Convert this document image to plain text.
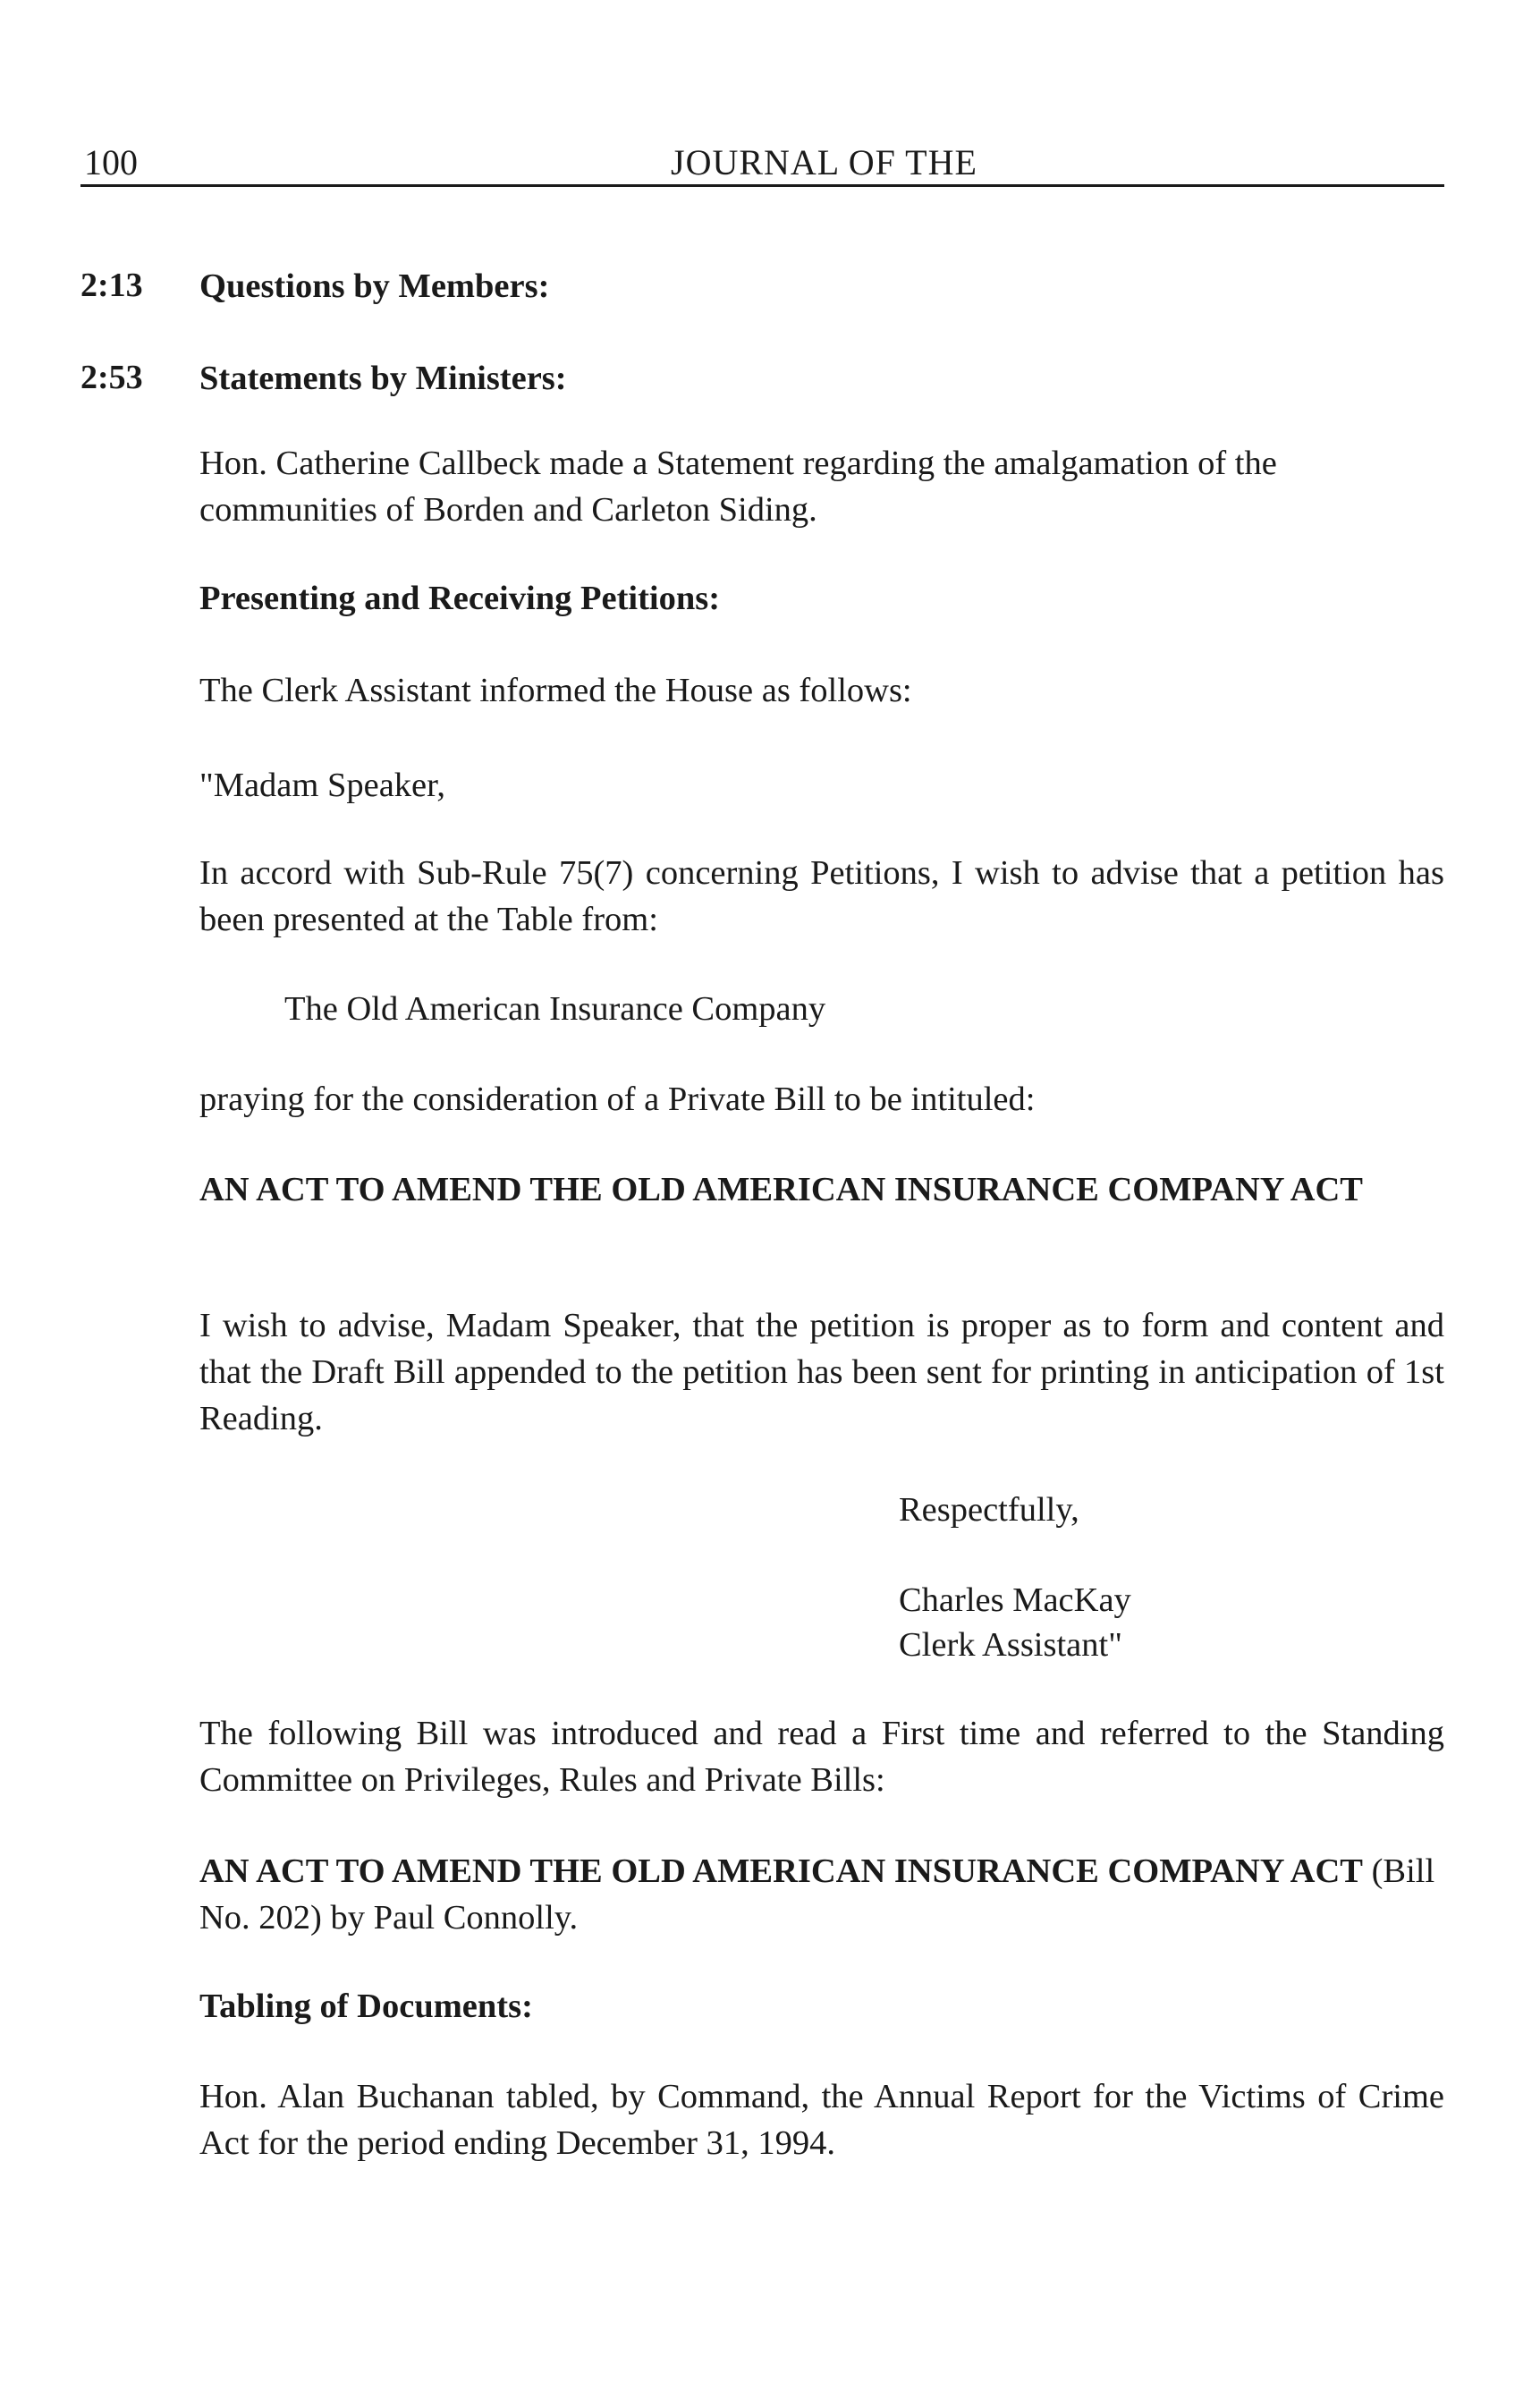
100	JOURNAL OF THE
2:13 Questions by Members:
2:53 Statements by Ministers:
Hon. Catherine Callbeck made a Statement regarding the amalgamation of the communities of Borden and Carleton Siding.
Presenting and Receiving Petitions:
The Clerk Assistant informed the House as follows:
"Madam Speaker,
In accord with Sub-Rule 75(7) concerning Petitions, I wish to advise that a petition has been presented at the Table from:
The Old American Insurance Company
praying for the consideration of a Private Bill to be intituled:
AN ACT TO AMEND THE OLD AMERICAN INSURANCE COMPANY ACT
I wish to advise, Madam Speaker, that the petition is proper as to form and content and that the Draft Bill appended to the petition has been sent for printing in anticipation of 1st Reading.
Respectfully,
Charles MacKay
Clerk Assistant"
The following Bill was introduced and read a First time and referred to the Standing Committee on Privileges, Rules and Private Bills:
AN ACT TO AMEND THE OLD AMERICAN INSURANCE COMPANY ACT (Bill No. 202) by Paul Connolly.
Tabling of Documents:
Hon. Alan Buchanan tabled, by Command, the Annual Report for the Victims of Crime Act for the period ending December 31, 1994.
